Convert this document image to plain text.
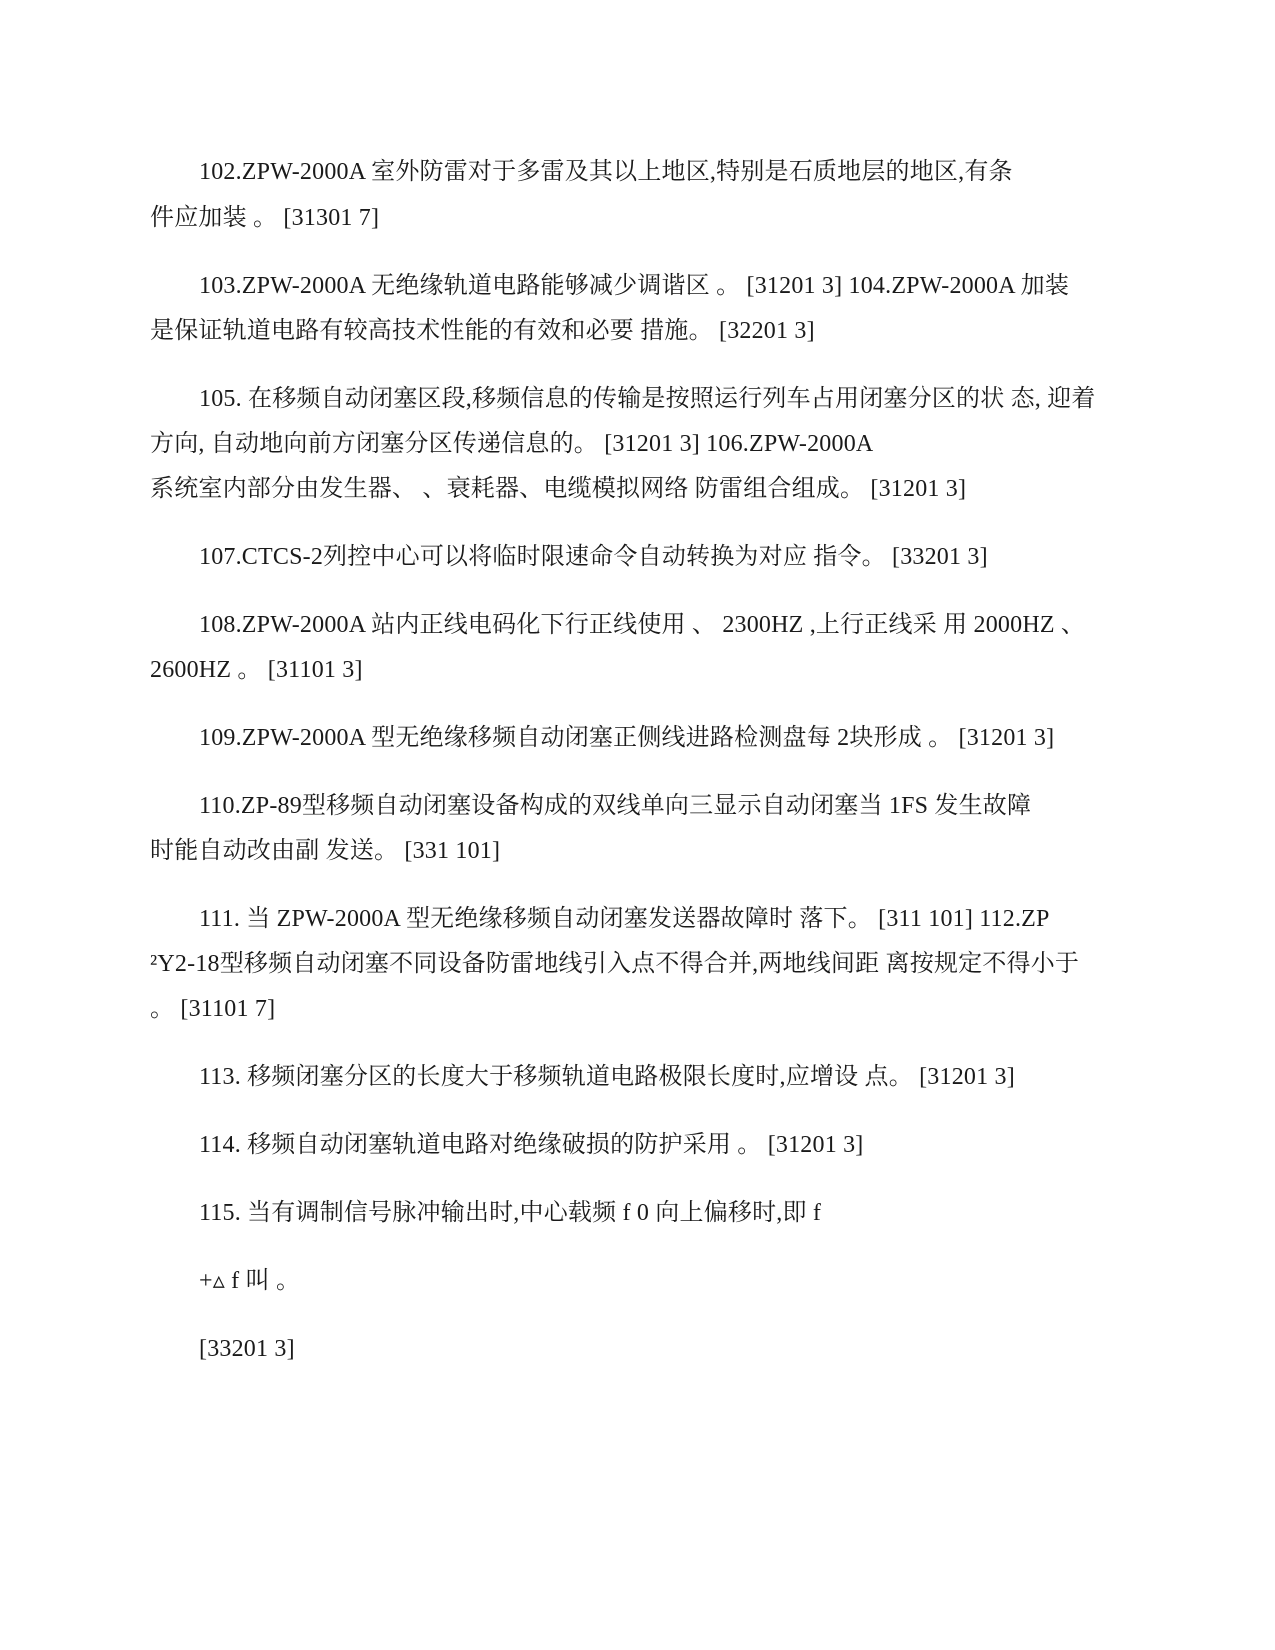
102.ZPW-2000A 室外防雷对于多雷及其以上地区,特别是石质地层的地区,有条
件应加装 。 [31301 7]
103.ZPW-2000A 无绝缘轨道电路能够减少调谐区 。 [31201 3] 104.ZPW-2000A 加装
是保证轨道电路有较高技术性能的有效和必要 措施。 [32201 3]
105. 在移频自动闭塞区段,移频信息的传输是按照运行列车占用闭塞分区的状 态, 迎着
方向, 自动地向前方闭塞分区传递信息的。 [31201 3] 106.ZPW-2000A
系统室内部分由发生器、 、衰耗器、电缆模拟网络 防雷组合组成。 [31201 3]
107.CTCS-2列控中心可以将临时限速命令自动转换为对应 指令。 [33201 3]
108.ZPW-2000A 站内正线电码化下行正线使用 、 2300HZ ,上行正线采 用 2000HZ 、
2600HZ 。 [31101 3]
109.ZPW-2000A 型无绝缘移频自动闭塞正侧线进路检测盘每 2块形成 。 [31201 3]
110.ZP-89型移频自动闭塞设备构成的双线单向三显示自动闭塞当 1FS 发生故障
时能自动改由副 发送。 [331 101]
111. 当 ZPW-2000A 型无绝缘移频自动闭塞发送器故障时 落下。 [311 101] 112.ZP
²Y2-18型移频自动闭塞不同设备防雷地线引入点不得合并,两地线间距 离按规定不得小于
。 [31101 7]
113. 移频闭塞分区的长度大于移频轨道电路极限长度时,应增设 点。 [31201 3]
114. 移频自动闭塞轨道电路对绝缘破损的防护采用 。 [31201 3]
115. 当有调制信号脉冲输出时,中心载频 f 0 向上偏移时,即 f
+▵ f 叫 。
[33201 3]
